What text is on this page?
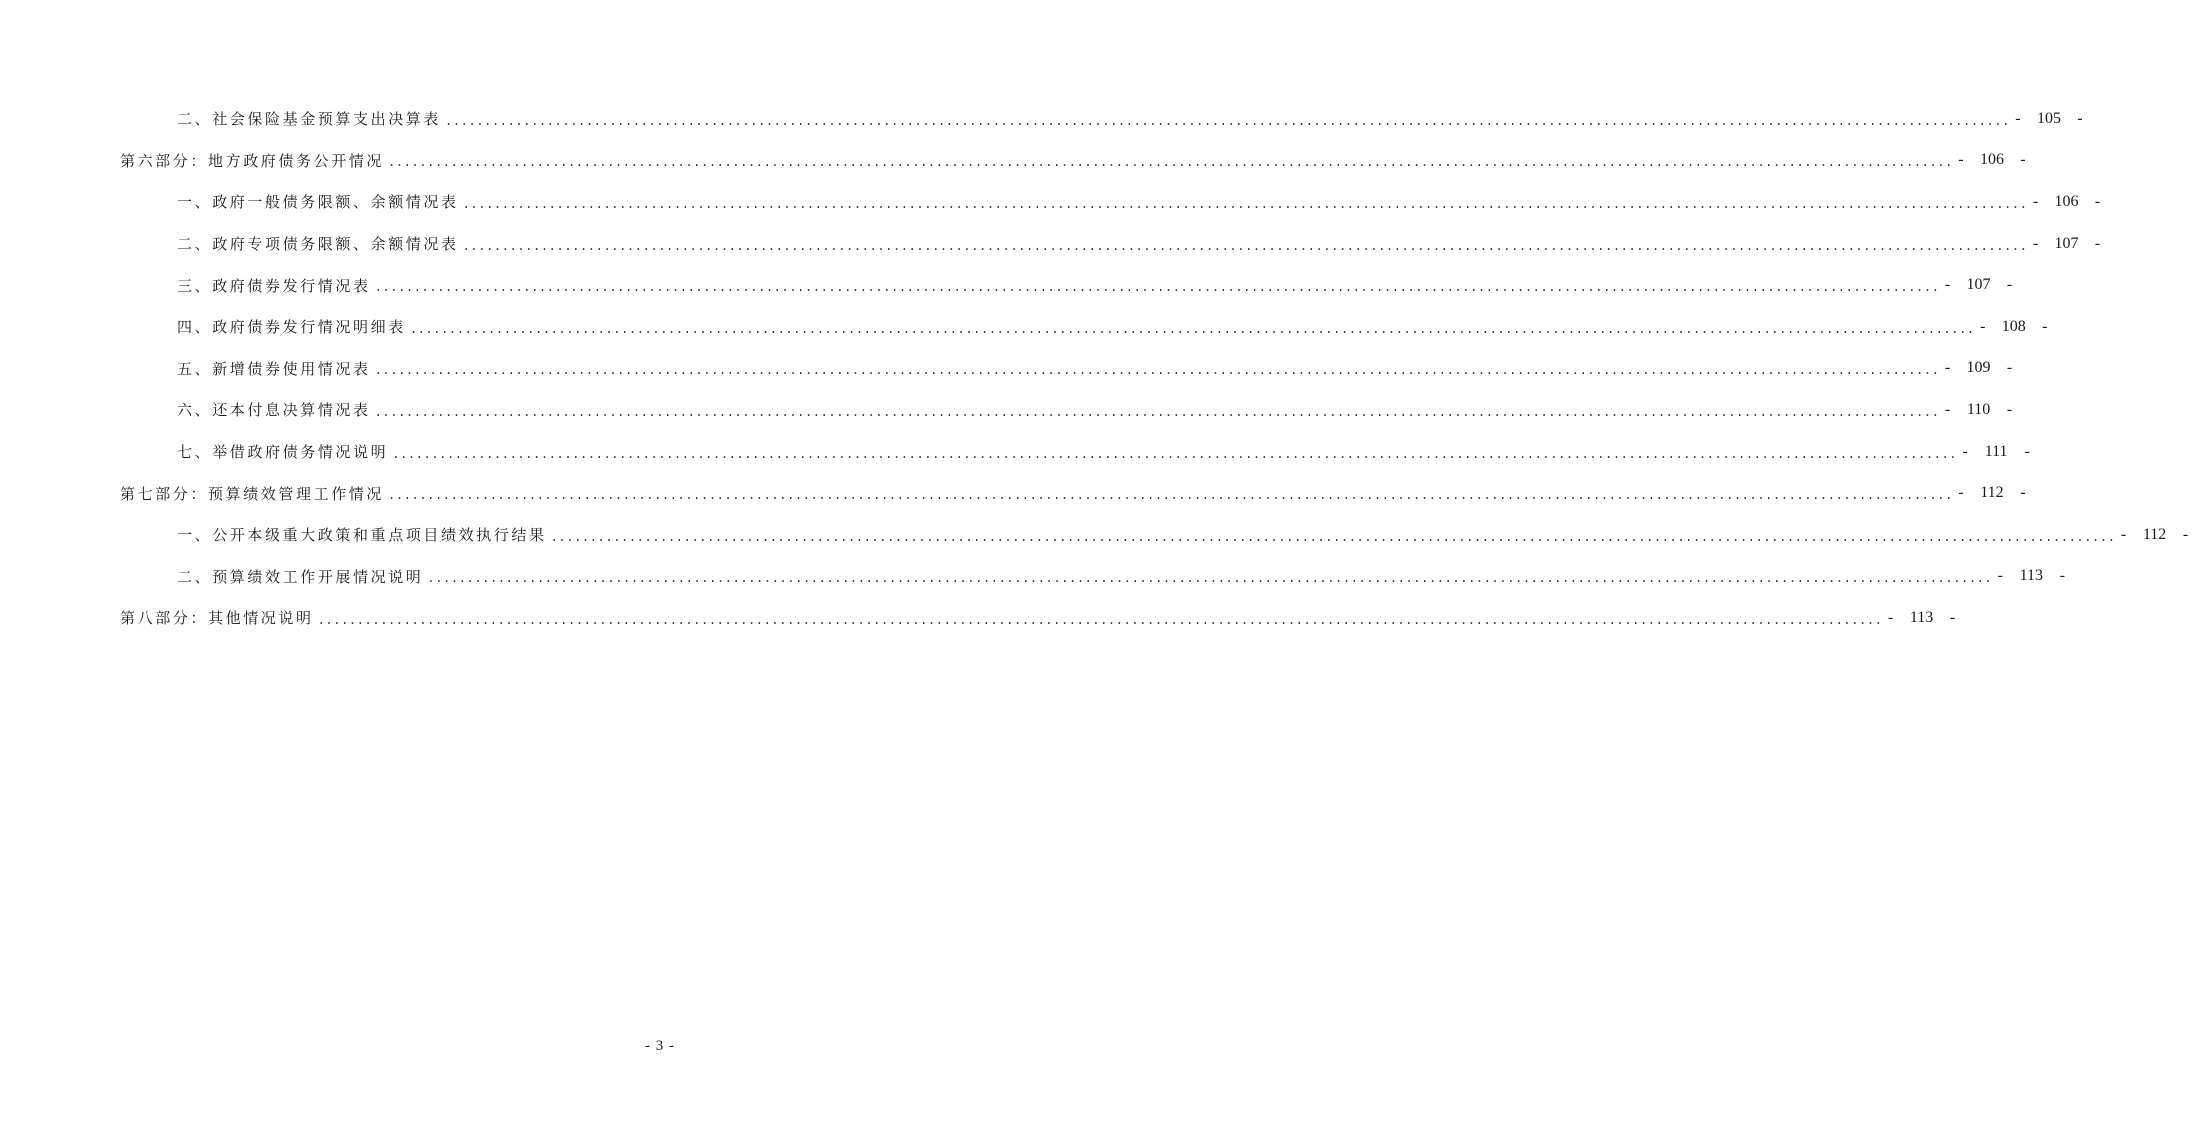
二、社会保险基金预算支出决算表 ........................................................................................................................................................................................................ -	105	-
第六部分：地方政府债务公开情况 ........................................................................................................................................................................................................ -	106	-
一、政府一般债务限额、余额情况表 ........................................................................................................................................................................................................ -	106	-
二、政府专项债务限额、余额情况表 ........................................................................................................................................................................................................ -	107	-
三、政府债券发行情况表 ........................................................................................................................................................................................................ -	107	-
四、政府债券发行情况明细表 ........................................................................................................................................................................................................ -	108	-
五、新增债券使用情况表 ........................................................................................................................................................................................................ -	109	-
六、还本付息决算情况表 ........................................................................................................................................................................................................ -	110	-
七、举借政府债务情况说明 ........................................................................................................................................................................................................ -	111	-
第七部分：预算绩效管理工作情况 ........................................................................................................................................................................................................ -	112	-
一、公开本级重大政策和重点项目绩效执行结果 ........................................................................................................................................................................................................ -	112	-
二、预算绩效工作开展情况说明 ........................................................................................................................................................................................................ -	113	-
第八部分：其他情况说明 ........................................................................................................................................................................................................ -	113	-
- 3 -
